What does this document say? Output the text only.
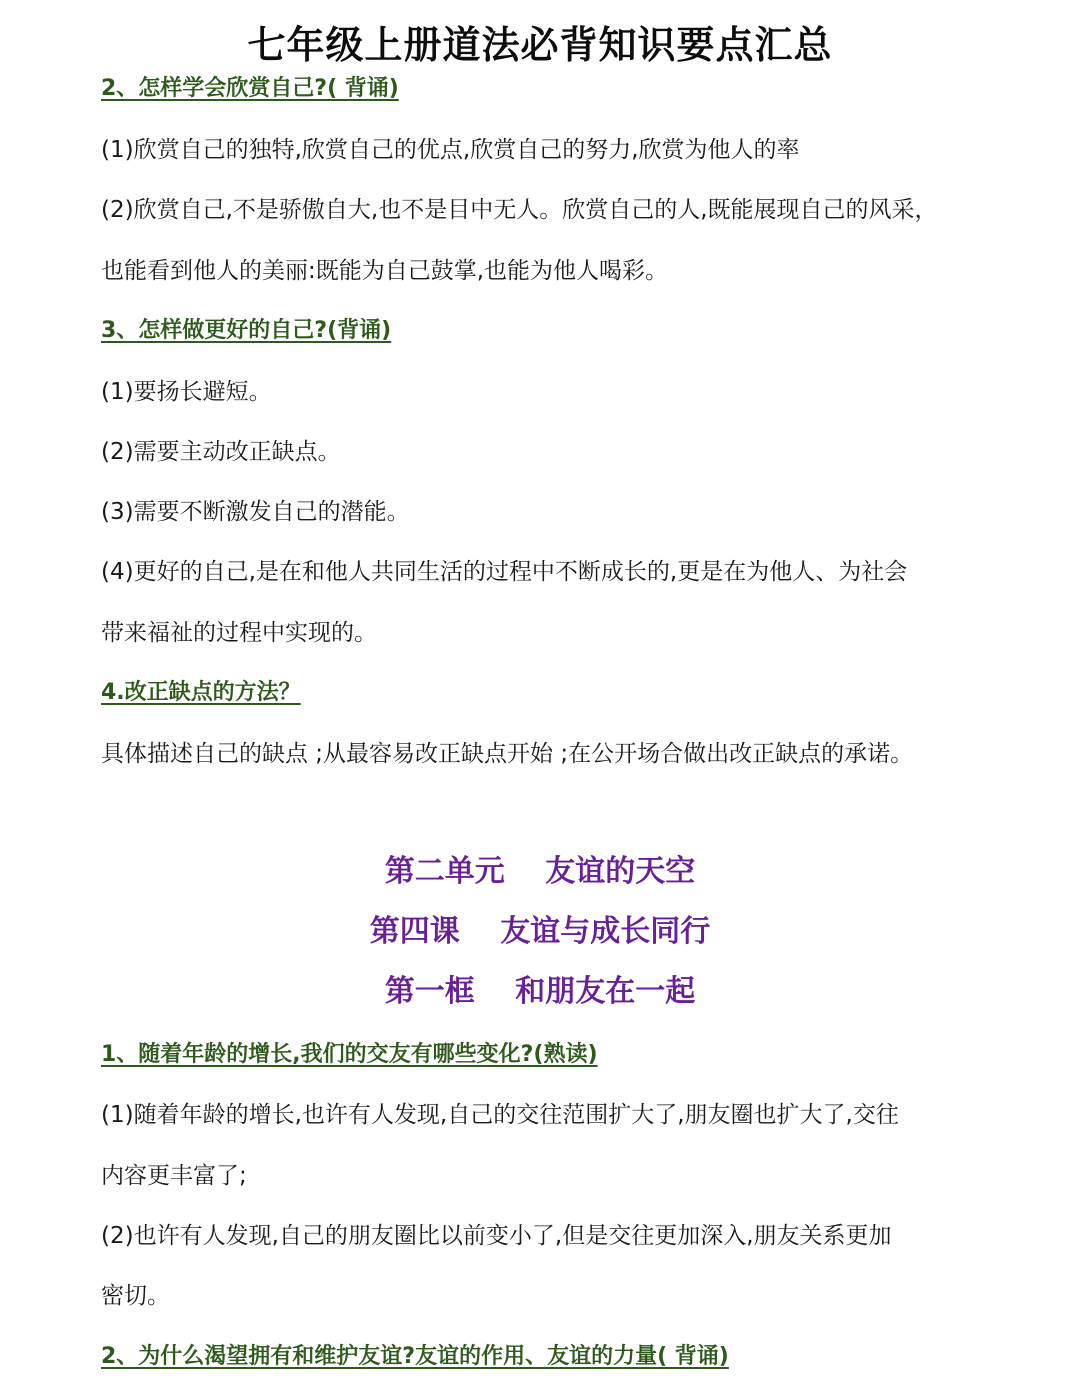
七年级上册道法必背知识要点汇总
2、怎样学会欣赏自己?( 背诵)
(1)欣赏自己的独特,欣赏自己的优点,欣赏自己的努力,欣赏为他人的率
(2)欣赏自己,不是骄傲自大,也不是目中无人。欣赏自己的人,既能展现自己的风采，
也能看到他人的美丽:既能为自己鼓掌,也能为他人喝彩。
3、怎样做更好的自己?(背诵)
(1)要扬长避短。
(2)需要主动改正缺点。
(3)需要不断激发自己的潜能。
(4)更好的自己,是在和他人共同生活的过程中不断成长的,更是在为他人、为社会
带来福祉的过程中实现的。
4.改正缺点的方法？
具体描述自己的缺点 ;从最容易改正缺点开始 ;在公开场合做出改正缺点的承诺。
第二单元　 友谊的天空
第四课　 友谊与成长同行
第一框　 和朋友在一起
1、随着年龄的增长,我们的交友有哪些变化?(熟读)
(1)随着年龄的增长,也许有人发现,自己的交往范围扩大了,朋友圈也扩大了,交往
内容更丰富了;
(2)也许有人发现,自己的朋友圈比以前变小了,但是交往更加深入,朋友关系更加
密切。
2、为什么渴望拥有和维护友谊?友谊的作用、友谊的力量( 背诵)
